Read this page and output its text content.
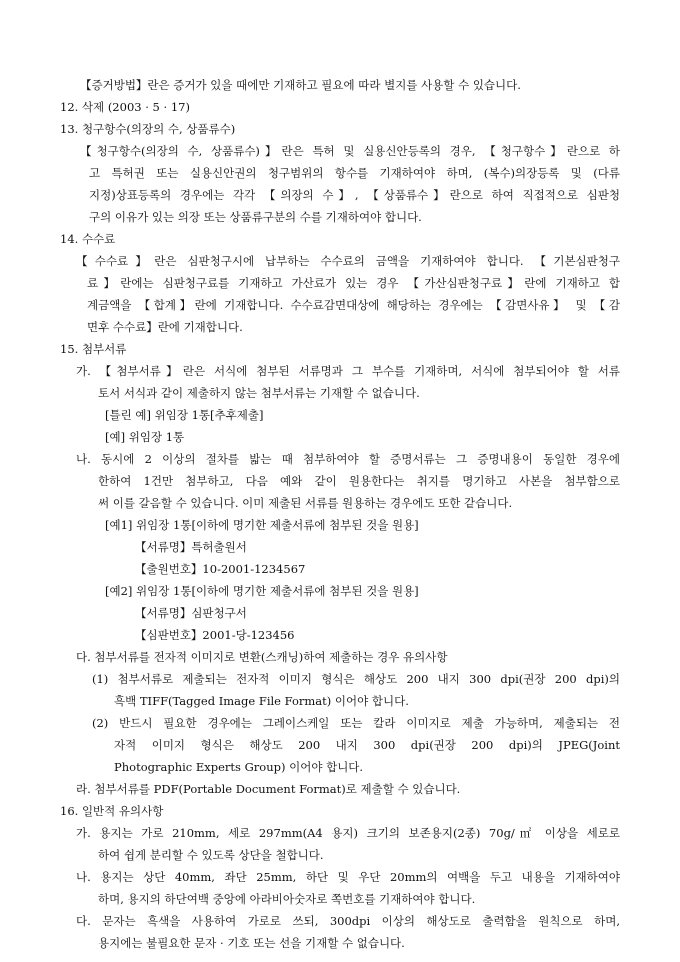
【증거방법】란은 증거가 있을 때에만 기재하고 필요에 따라 별지를 사용할 수 있습니다.
12. 삭제 (2003 · 5 · 17)
13. 청구항수(의장의 수, 상품류수)
【청구항수(의장의 수, 상품류수)】란은 특허 및 실용신안등록의 경우, 【청구항수】란으로 하
고 특허권 또는 실용신안권의 청구범위의 항수를 기재하여야 하며, (복수)의장등록 및 (다류
지정)상표등록의 경우에는 각각 【의장의 수】, 【상품류수】란으로 하여 직접적으로 심판청
구의 이유가 있는 의장 또는 상품류구분의 수를 기재하여야 합니다.
14. 수수료
【수수료】란은 심판청구시에 납부하는 수수료의 금액을 기재하여야 합니다. 【기본심판청구
료】란에는 심판청구료를 기재하고 가산료가 있는 경우 【가산심판청구료】란에 기재하고 합
계금액을 【합계】란에 기재합니다. 수수료감면대상에 해당하는 경우에는 【감면사유】 및 【감
면후 수수료】란에 기재합니다.
15. 첨부서류
가. 【첨부서류】란은 서식에 첨부된 서류명과 그 부수를 기재하며, 서식에 첨부되어야 할 서류
토서 서식과 같이 제출하지 않는 첨부서류는 기재할 수 없습니다.
[틀린 예] 위임장 1통[추후제출]
[예] 위임장 1통
나. 동시에 2 이상의 절차를 밟는 때 첨부하여야 할 증명서류는 그 증명내용이 동일한 경우에
한하여 1건만 첨부하고, 다음 예와 같이 원용한다는 취지를 명기하고 사본을 첨부함으로
써 이를 갈음할 수 있습니다. 이미 제출된 서류를 원용하는 경우에도 또한 같습니다.
[예1] 위임장 1통[이하에 명기한 제출서류에 첨부된 것을 원용]
【서류명】특허출원서
【출원번호】10-2001-1234567
[예2] 위임장 1통[이하에 명기한 제출서류에 첨부된 것을 원용]
【서류명】심판청구서
【심판번호】2001-당-123456
다. 첨부서류를 전자적 이미지로 변환(스캐닝)하여 제출하는 경우 유의사항
(1) 첨부서류로 제출되는 전자적 이미지 형식은 해상도 200 내지 300 dpi(권장 200 dpi)의
흑백 TIFF(Tagged Image File Format) 이어야 합니다.
(2) 반드시 필요한 경우에는 그레이스케일 또는 칼라 이미지로 제출 가능하며, 제출되는 전
자적 이미지 형식은 해상도 200 내지 300 dpi(권장 200 dpi)의 JPEG(Joint
Photographic Experts Group) 이어야 합니다.
라. 첨부서류를 PDF(Portable Document Format)로 제출할 수 있습니다.
16. 일반적 유의사항
가. 용지는 가로 210mm, 세로 297mm(A4 용지) 크기의 보존용지(2종) 70g/㎡ 이상을 세로로
하여 쉽게 분리할 수 있도록 상단을 철합니다.
나. 용지는 상단 40mm, 좌단 25mm, 하단 및 우단 20mm의 여백을 두고 내용을 기재하여야
하며, 용지의 하단여백 중앙에 아라비아숫자로 쪽번호를 기재하여야 합니다.
다. 문자는 흑색을 사용하여 가로로 쓰되, 300dpi 이상의 해상도로 출력함을 원칙으로 하며,
용지에는 불필요한 문자 · 기호 또는 선을 기재할 수 없습니다.
